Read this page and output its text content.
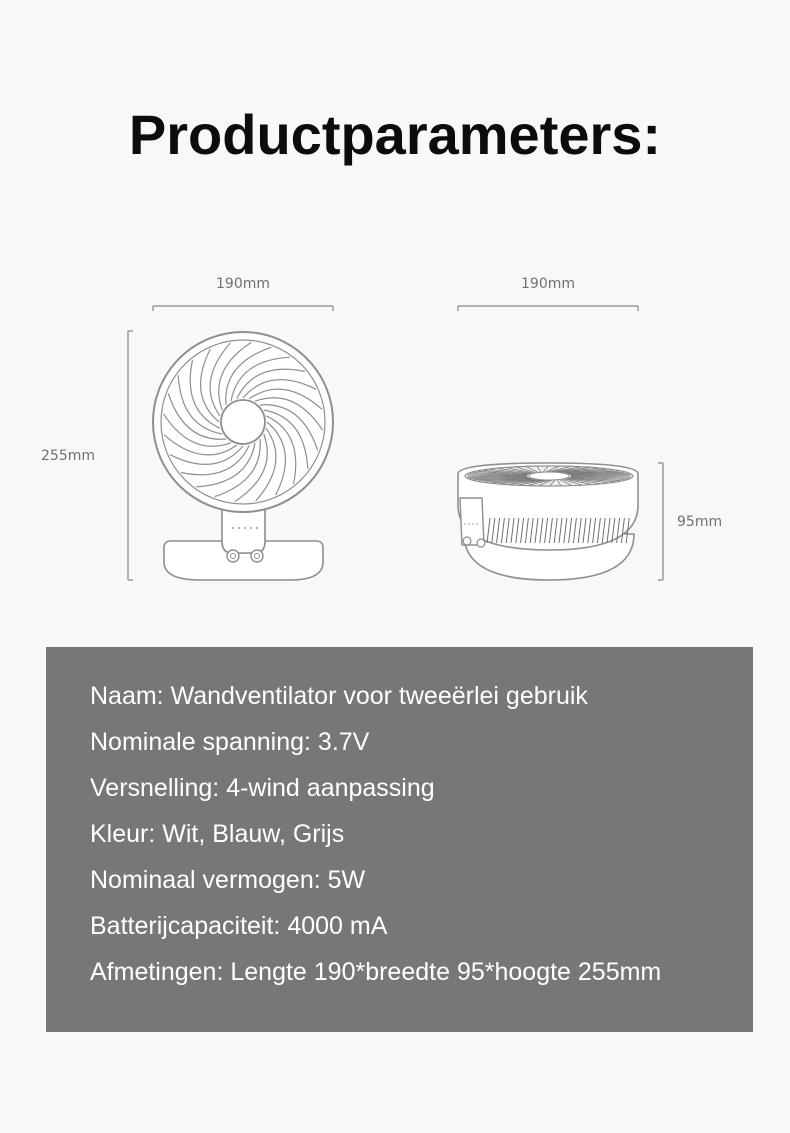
Productparameters:
190mm
255mm
190mm
95mm
Naam: Wandventilator voor tweeërlei gebruik
Nominale spanning: 3.7V
Versnelling: 4-wind aanpassing
Kleur: Wit, Blauw, Grijs
Nominaal vermogen: 5W
Batterijcapaciteit: 4000 mA
Afmetingen: Lengte 190*breedte 95*hoogte 255mm
